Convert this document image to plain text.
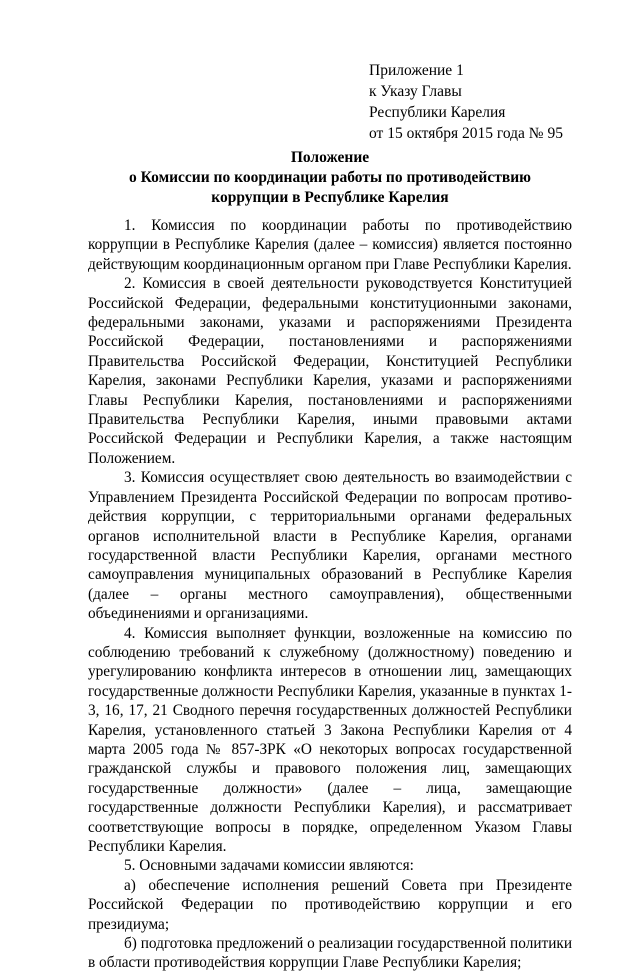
Приложение 1
к Указу Главы
Республики Карелия
от 15 октября 2015 года № 95
Положение
о Комиссии по координации работы по противодействию
коррупции в Республике Карелия

1. Комиссия по координации работы по противодействию коррупции в Республике Карелия (далее – комиссия) является постоянно действующим координационным органом при Главе Республики Карелия.

2. Комиссия в своей деятельности руководствуется Конституцией Российской Федерации, федеральными конституционными законами, федеральными законами, указами и распоряжениями Президента Российской Федерации, постановлениями и распоряжениями Правительства Российской Федерации, Конституцией Республики Карелия, законами Республики Карелия, указами и распоряжениями Главы Республики Карелия, постановлениями и распоряжениями Правительства Республики Карелия, иными правовыми актами Российской Федерации и Республики Карелия, а также настоящим Положением.

3. Комиссия осуществляет свою деятельность во взаимодействии с Управлением Президента Российской Федерации по вопросам противо-действия коррупции, с территориальными органами федеральных органов исполнительной власти в Республике Карелия, органами государственной власти Республики Карелия, органами местного самоуправления муниципальных образований в Республике Карелия (далее – органы местного самоуправления), общественными объединениями и организациями.

4. Комиссия выполняет функции, возложенные на комиссию по соблюдению требований к служебному (должностному) поведению и урегулированию конфликта интересов в отношении лиц, замещающих государственные должности Республики Карелия, указанные в пунктах 1-3, 16, 17, 21 Сводного перечня государственных должностей Республики Карелия, установленного статьей 3 Закона Республики Карелия от 4 марта 2005 года № 857-ЗРК «О некоторых вопросах государственной гражданской службы и правового положения лиц, замещающих государственные должности» (далее – лица, замещающие государственные должности Республики Карелия), и рассматривает соответствующие вопросы в порядке, определенном Указом Главы Республики Карелия.

5. Основными задачами комиссии являются:

а) обеспечение исполнения решений Совета при Президенте Российской Федерации по противодействию коррупции и его президиума;

б) подготовка предложений о реализации государственной политики в области противодействия коррупции Главе Республики Карелия;
